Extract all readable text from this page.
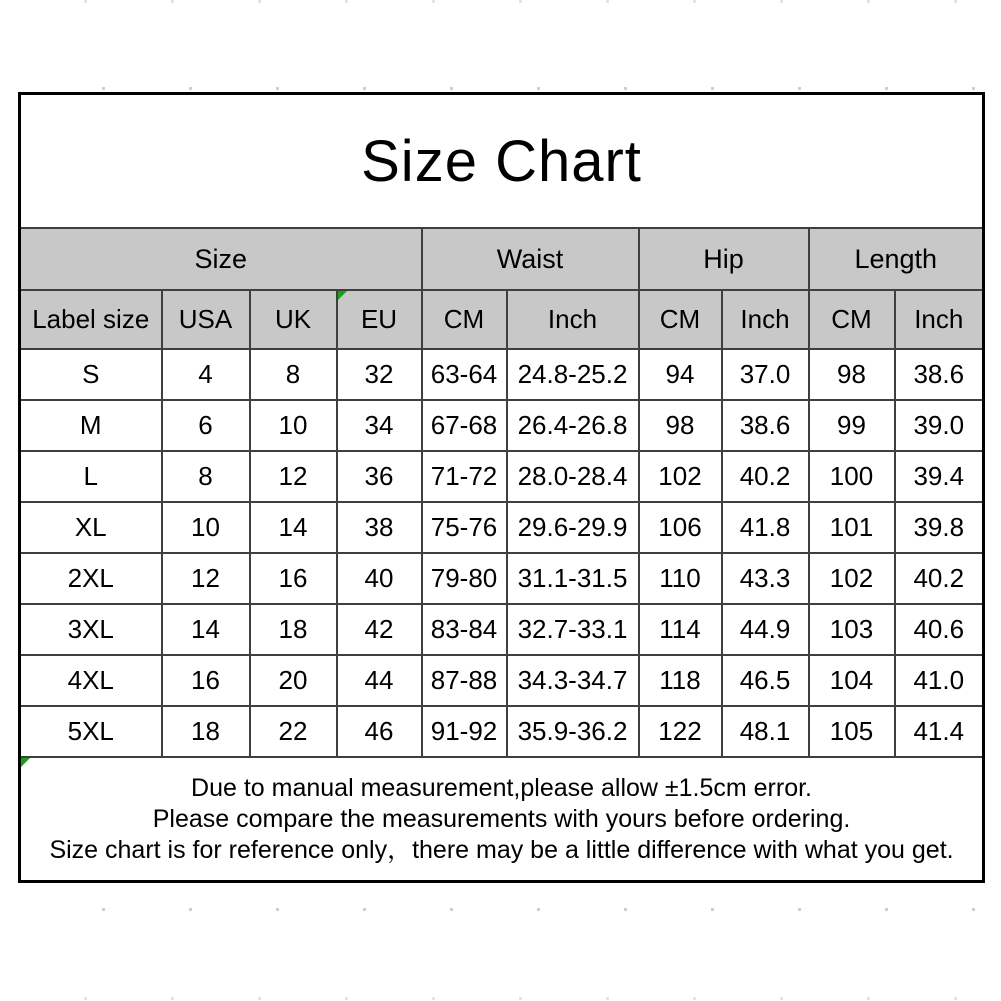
Size Chart									
Size				Waist		Hip		Length	
Label size	USA	UK	EU	CM	Inch	CM	Inch	CM	Inch
S	4	8	32	63-64	24.8-25.2	94	37.0	98	38.6
M	6	10	34	67-68	26.4-26.8	98	38.6	99	39.0
L	8	12	36	71-72	28.0-28.4	102	40.2	100	39.4
XL	10	14	38	75-76	29.6-29.9	106	41.8	101	39.8
2XL	12	16	40	79-80	31.1-31.5	110	43.3	102	40.2
3XL	14	18	42	83-84	32.7-33.1	114	44.9	103	40.6
4XL	16	20	44	87-88	34.3-34.7	118	46.5	104	41.0
5XL	18	22	46	91-92	35.9-36.2	122	48.1	105	41.4

Due to manual measurement,please allow ±1.5cm error.
Please compare the measurements with yours before ordering.
Size chart is for reference only，there may be a little difference with what you get.									
